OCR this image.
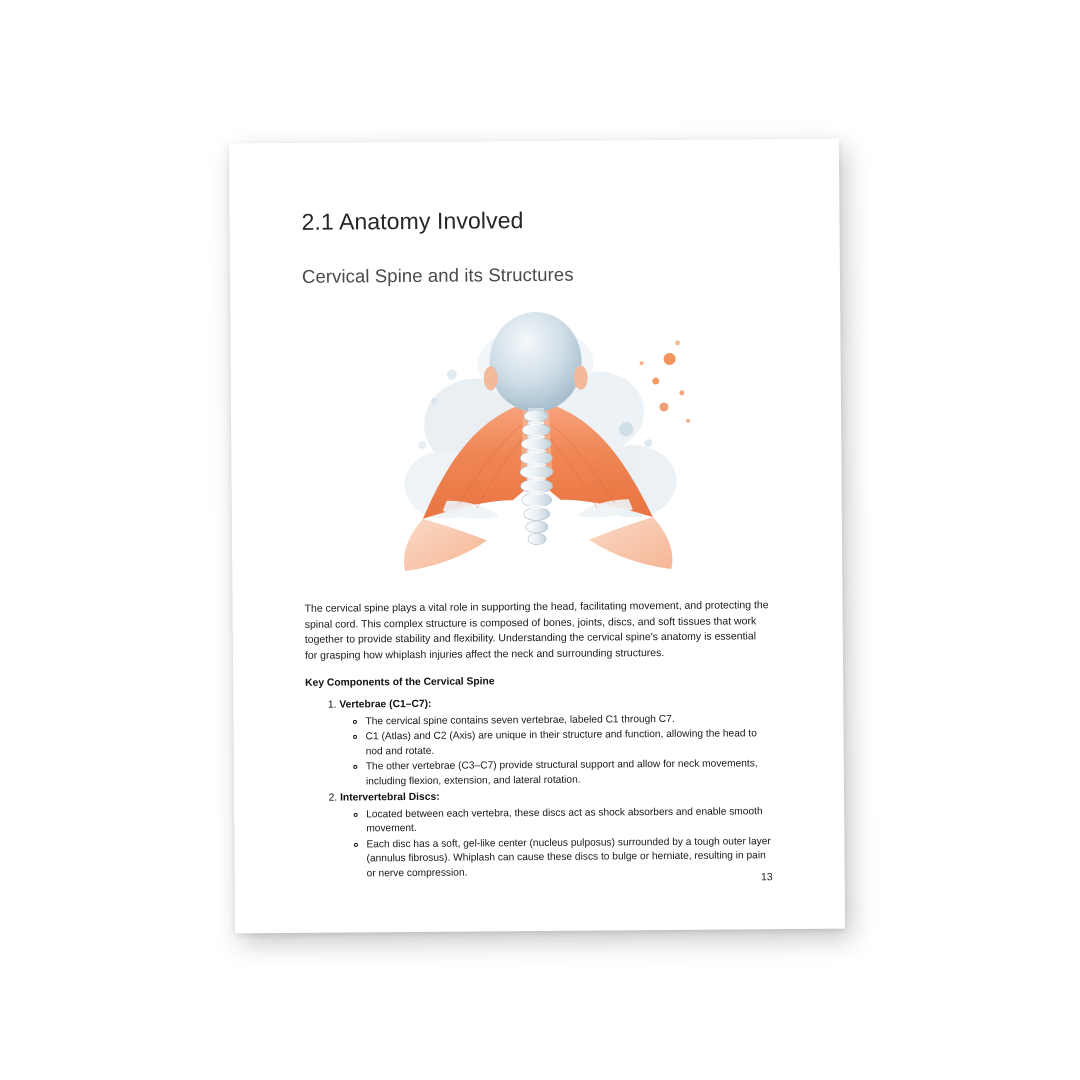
2.1 Anatomy Involved
Cervical Spine and its Structures

The cervical spine plays a vital role in supporting the head, facilitating movement, and protecting the spinal cord. This complex structure is composed of bones, joints, discs, and soft tissues that work together to provide stability and flexibility. Understanding the cervical spine's anatomy is essential for grasping how whiplash injuries affect the neck and surrounding structures.

Key Components of the Cervical Spine

1. Vertebrae (C1–C7):
◦ The cervical spine contains seven vertebrae, labeled C1 through C7.
◦ C1 (Atlas) and C2 (Axis) are unique in their structure and function, allowing the head to nod and rotate.
◦ The other vertebrae (C3–C7) provide structural support and allow for neck movements, including flexion, extension, and lateral rotation.
2. Intervertebral Discs:
◦ Located between each vertebra, these discs act as shock absorbers and enable smooth movement.
◦ Each disc has a soft, gel-like center (nucleus pulposus) surrounded by a tough outer layer (annulus fibrosus). Whiplash can cause these discs to bulge or herniate, resulting in pain or nerve compression.	13
